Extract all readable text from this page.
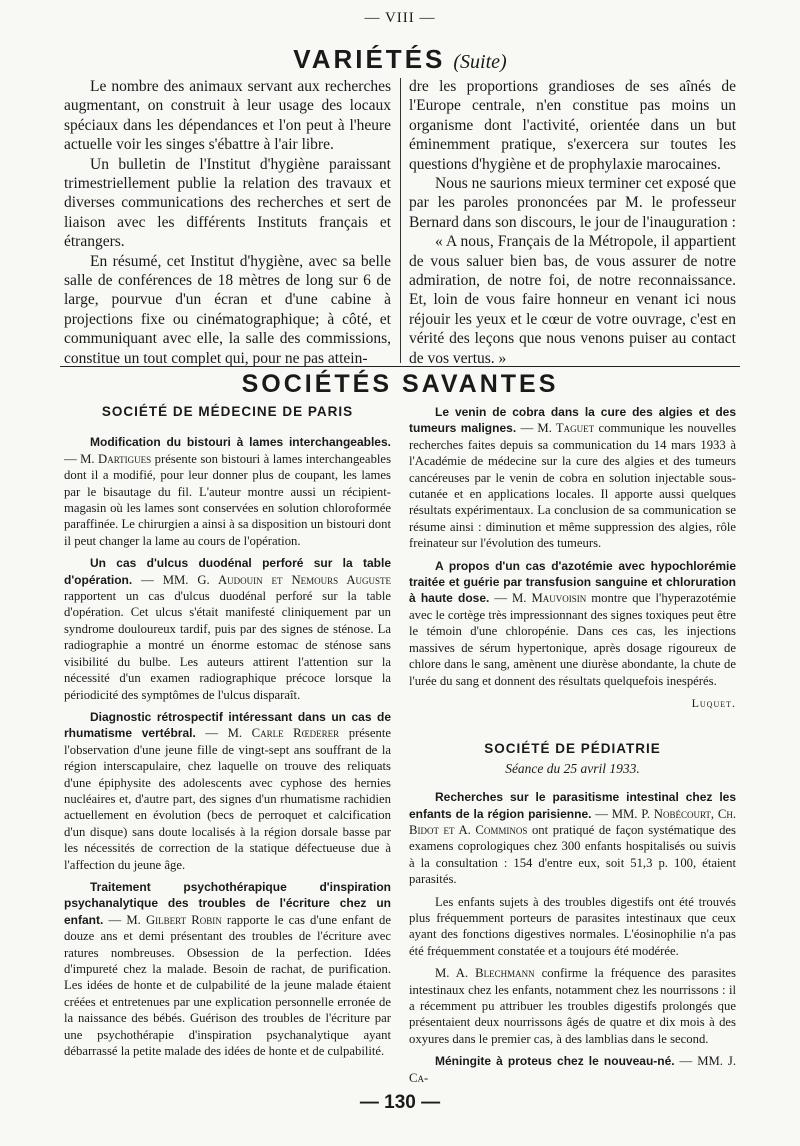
— VIII —
VARIÉTÉS (Suite)

Le nombre des animaux servant aux recherches augmentant, on construit à leur usage des locaux spéciaux dans les dépendances et l'on peut à l'heure actuelle voir les singes s'ébattre à l'air libre.

Un bulletin de l'Institut d'hygiène paraissant trimestriellement publie la relation des travaux et diverses communications des recherches et sert de liaison avec les différents Instituts français et étrangers.

En résumé, cet Institut d'hygiène, avec sa belle salle de conférences de 18 mètres de long sur 6 de large, pourvue d'un écran et d'une cabine à projections fixe ou cinématographique; à côté, et communiquant avec elle, la salle des commissions, constitue un tout complet qui, pour ne pas attein-

dre les proportions grandioses de ses aînés de l'Europe centrale, n'en constitue pas moins un organisme dont l'activité, orientée dans un but éminemment pratique, s'exercera sur toutes les questions d'hygiène et de prophylaxie marocaines.

Nous ne saurions mieux terminer cet exposé que par les paroles prononcées par M. le professeur Bernard dans son discours, le jour de l'inauguration :

« A nous, Français de la Métropole, il appartient de vous saluer bien bas, de vous assurer de notre admiration, de notre foi, de notre reconnaissance. Et, loin de vous faire honneur en venant ici nous réjouir les yeux et le cœur de votre ouvrage, c'est en vérité des leçons que nous venons puiser au contact de vos vertus. »

SOCIÉTÉS SAVANTES
SOCIÉTÉ DE MÉDECINE DE PARIS

Modification du bistouri à lames interchangeables. — M. Dartigues présente son bistouri à lames interchangeables dont il a modifié, pour leur donner plus de coupant, les lames par le bisautage du fil. L'auteur montre aussi un récipient-magasin où les lames sont conservées en solution chloroformée paraffinée. Le chirurgien a ainsi à sa disposition un bistouri dont il peut changer la lame au cours de l'opération.

Un cas d'ulcus duodénal perforé sur la table d'opération. — MM. G. Audouin et Nemours Auguste rapportent un cas d'ulcus duodénal perforé sur la table d'opération. Cet ulcus s'était manifesté cliniquement par un syndrome douloureux tardif, puis par des signes de sténose. La radiographie a montré un énorme estomac de sténose sans visibilité du bulbe. Les auteurs attirent l'attention sur la nécessité d'un examen radiographique précoce lorsque la périodicité des symptômes de l'ulcus disparaît.

Diagnostic rétrospectif intéressant dans un cas de rhumatisme vertébral. — M. Carle Rœderer présente l'observation d'une jeune fille de vingt-sept ans souffrant de la région interscapulaire, chez laquelle on trouve des reliquats d'une épiphysite des adolescents avec cyphose des hernies nucléaires et, d'autre part, des signes d'un rhumatisme rachidien actuellement en évolution (becs de perroquet et calcification d'un disque) sans doute localisés à la région dorsale basse par les nécessités de correction de la statique défectueuse due à l'affection du jeune âge.

Traitement psychothérapique d'inspiration psychanalytique des troubles de l'écriture chez un enfant. — M. Gilbert Robin rapporte le cas d'une enfant de douze ans et demi présentant des troubles de l'écriture avec ratures nombreuses. Obsession de la perfection. Idées d'impureté chez la malade. Besoin de rachat, de purification. Les idées de honte et de culpabilité de la jeune malade étaient créées et entretenues par une explication personnelle erronée de la naissance des bébés. Guérison des troubles de l'écriture par une psychothérapie d'inspiration psychanalytique ayant débarrassé la petite malade des idées de honte et de culpabilité.

Le venin de cobra dans la cure des algies et des tumeurs malignes. — M. Taguet communique les nouvelles recherches faites depuis sa communication du 14 mars 1933 à l'Académie de médecine sur la cure des algies et des tumeurs cancéreuses par le venin de cobra en solution injectable sous-cutanée et en applications locales. Il apporte aussi quelques résultats expérimentaux. La conclusion de sa communication se résume ainsi : diminution et même suppression des algies, rôle freinateur sur l'évolution des tumeurs.

A propos d'un cas d'azotémie avec hypochlorémie traitée et guérie par transfusion sanguine et chloruration à haute dose. — M. Mauvoisin montre que l'hyperazotémie avec le cortège très impressionnant des signes toxiques peut être le témoin d'une chloropénie. Dans ces cas, les injections massives de sérum hypertonique, après dosage rigoureux de chlore dans le sang, amènent une diurèse abondante, la chute de l'urée du sang et donnent des résultats quelquefois inespérés.

Luquet.
SOCIÉTÉ DE PÉDIATRIE
Séance du 25 avril 1933.

Recherches sur le parasitisme intestinal chez les enfants de la région parisienne. — MM. P. Nobécourt, Ch. Bidot et A. Comminos ont pratiqué de façon systématique des examens coprologiques chez 300 enfants hospitalisés ou suivis à la consultation : 154 d'entre eux, soit 51,3 p. 100, étaient parasités.

Les enfants sujets à des troubles digestifs ont été trouvés plus fréquemment porteurs de parasites intestinaux que ceux ayant des fonctions digestives normales. L'éosinophilie n'a pas été fréquemment constatée et a toujours été modérée.

M. A. Blechmann confirme la fréquence des parasites intestinaux chez les enfants, notamment chez les nourrissons : il a récemment pu attribuer les troubles digestifs prolongés que présentaient deux nourrissons âgés de quatre et dix mois à des oxyures dans le premier cas, à des lamblias dans le second.

Méningite à proteus chez le nouveau-né. — MM. J. Ca-

— 130 —
